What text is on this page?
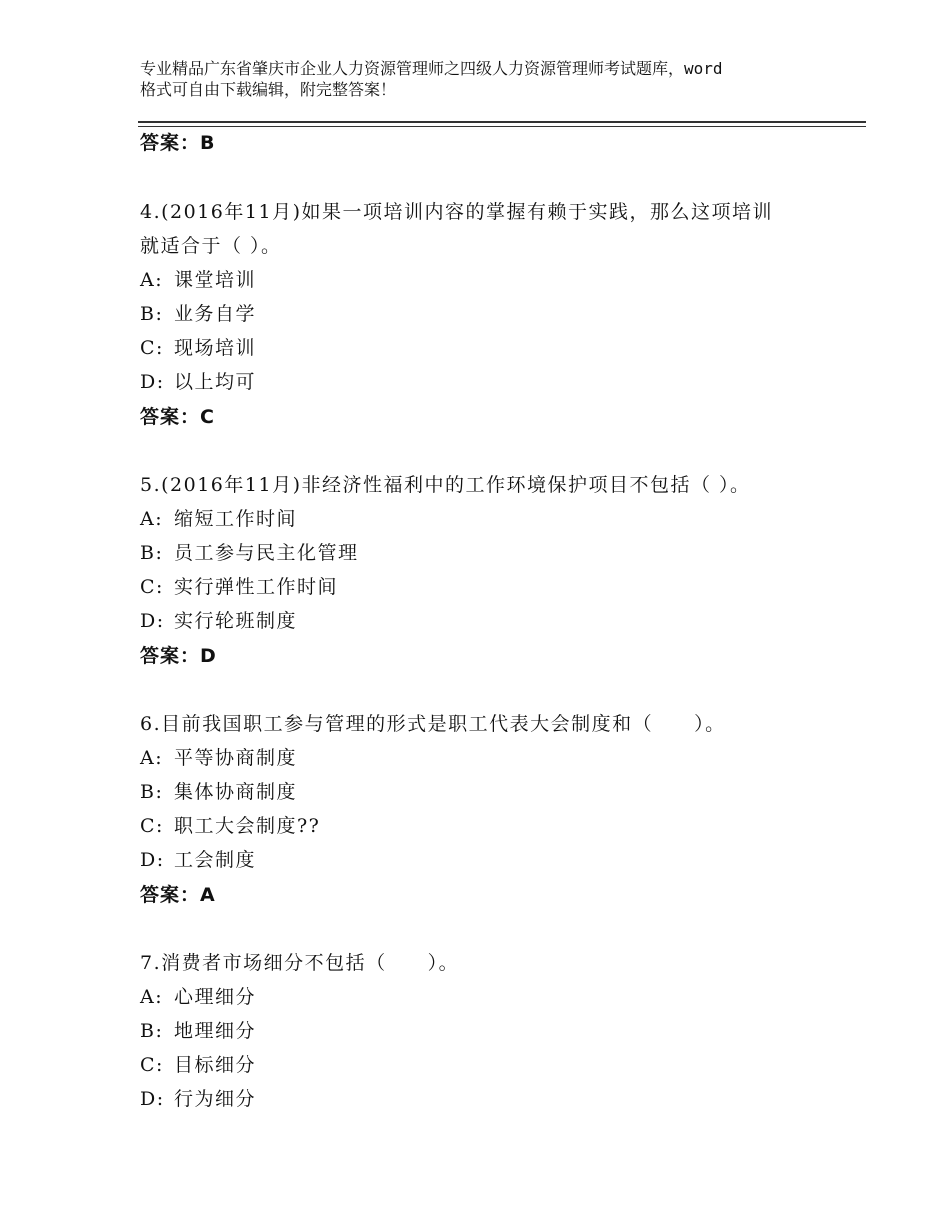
专业精品广东省肇庆市企业人力资源管理师之四级人力资源管理师考试题库，word
格式可自由下载编辑，附完整答案！
答案：B
4.(2016年11月)如果一项培训内容的掌握有赖于实践，那么这项培训
就适合于（ ）。
A: 课堂培训
B: 业务自学
C: 现场培训
D: 以上均可
答案：C
5.(2016年11月)非经济性福利中的工作环境保护项目不包括（ ）。
A: 缩短工作时间
B: 员工参与民主化管理
C: 实行弹性工作时间
D: 实行轮班制度
答案：D
6.目前我国职工参与管理的形式是职工代表大会制度和（　　）。
A: 平等协商制度
B: 集体协商制度
C: 职工大会制度??
D: 工会制度
答案：A
7.消费者市场细分不包括（　　）。
A: 心理细分
B: 地理细分
C: 目标细分
D: 行为细分
